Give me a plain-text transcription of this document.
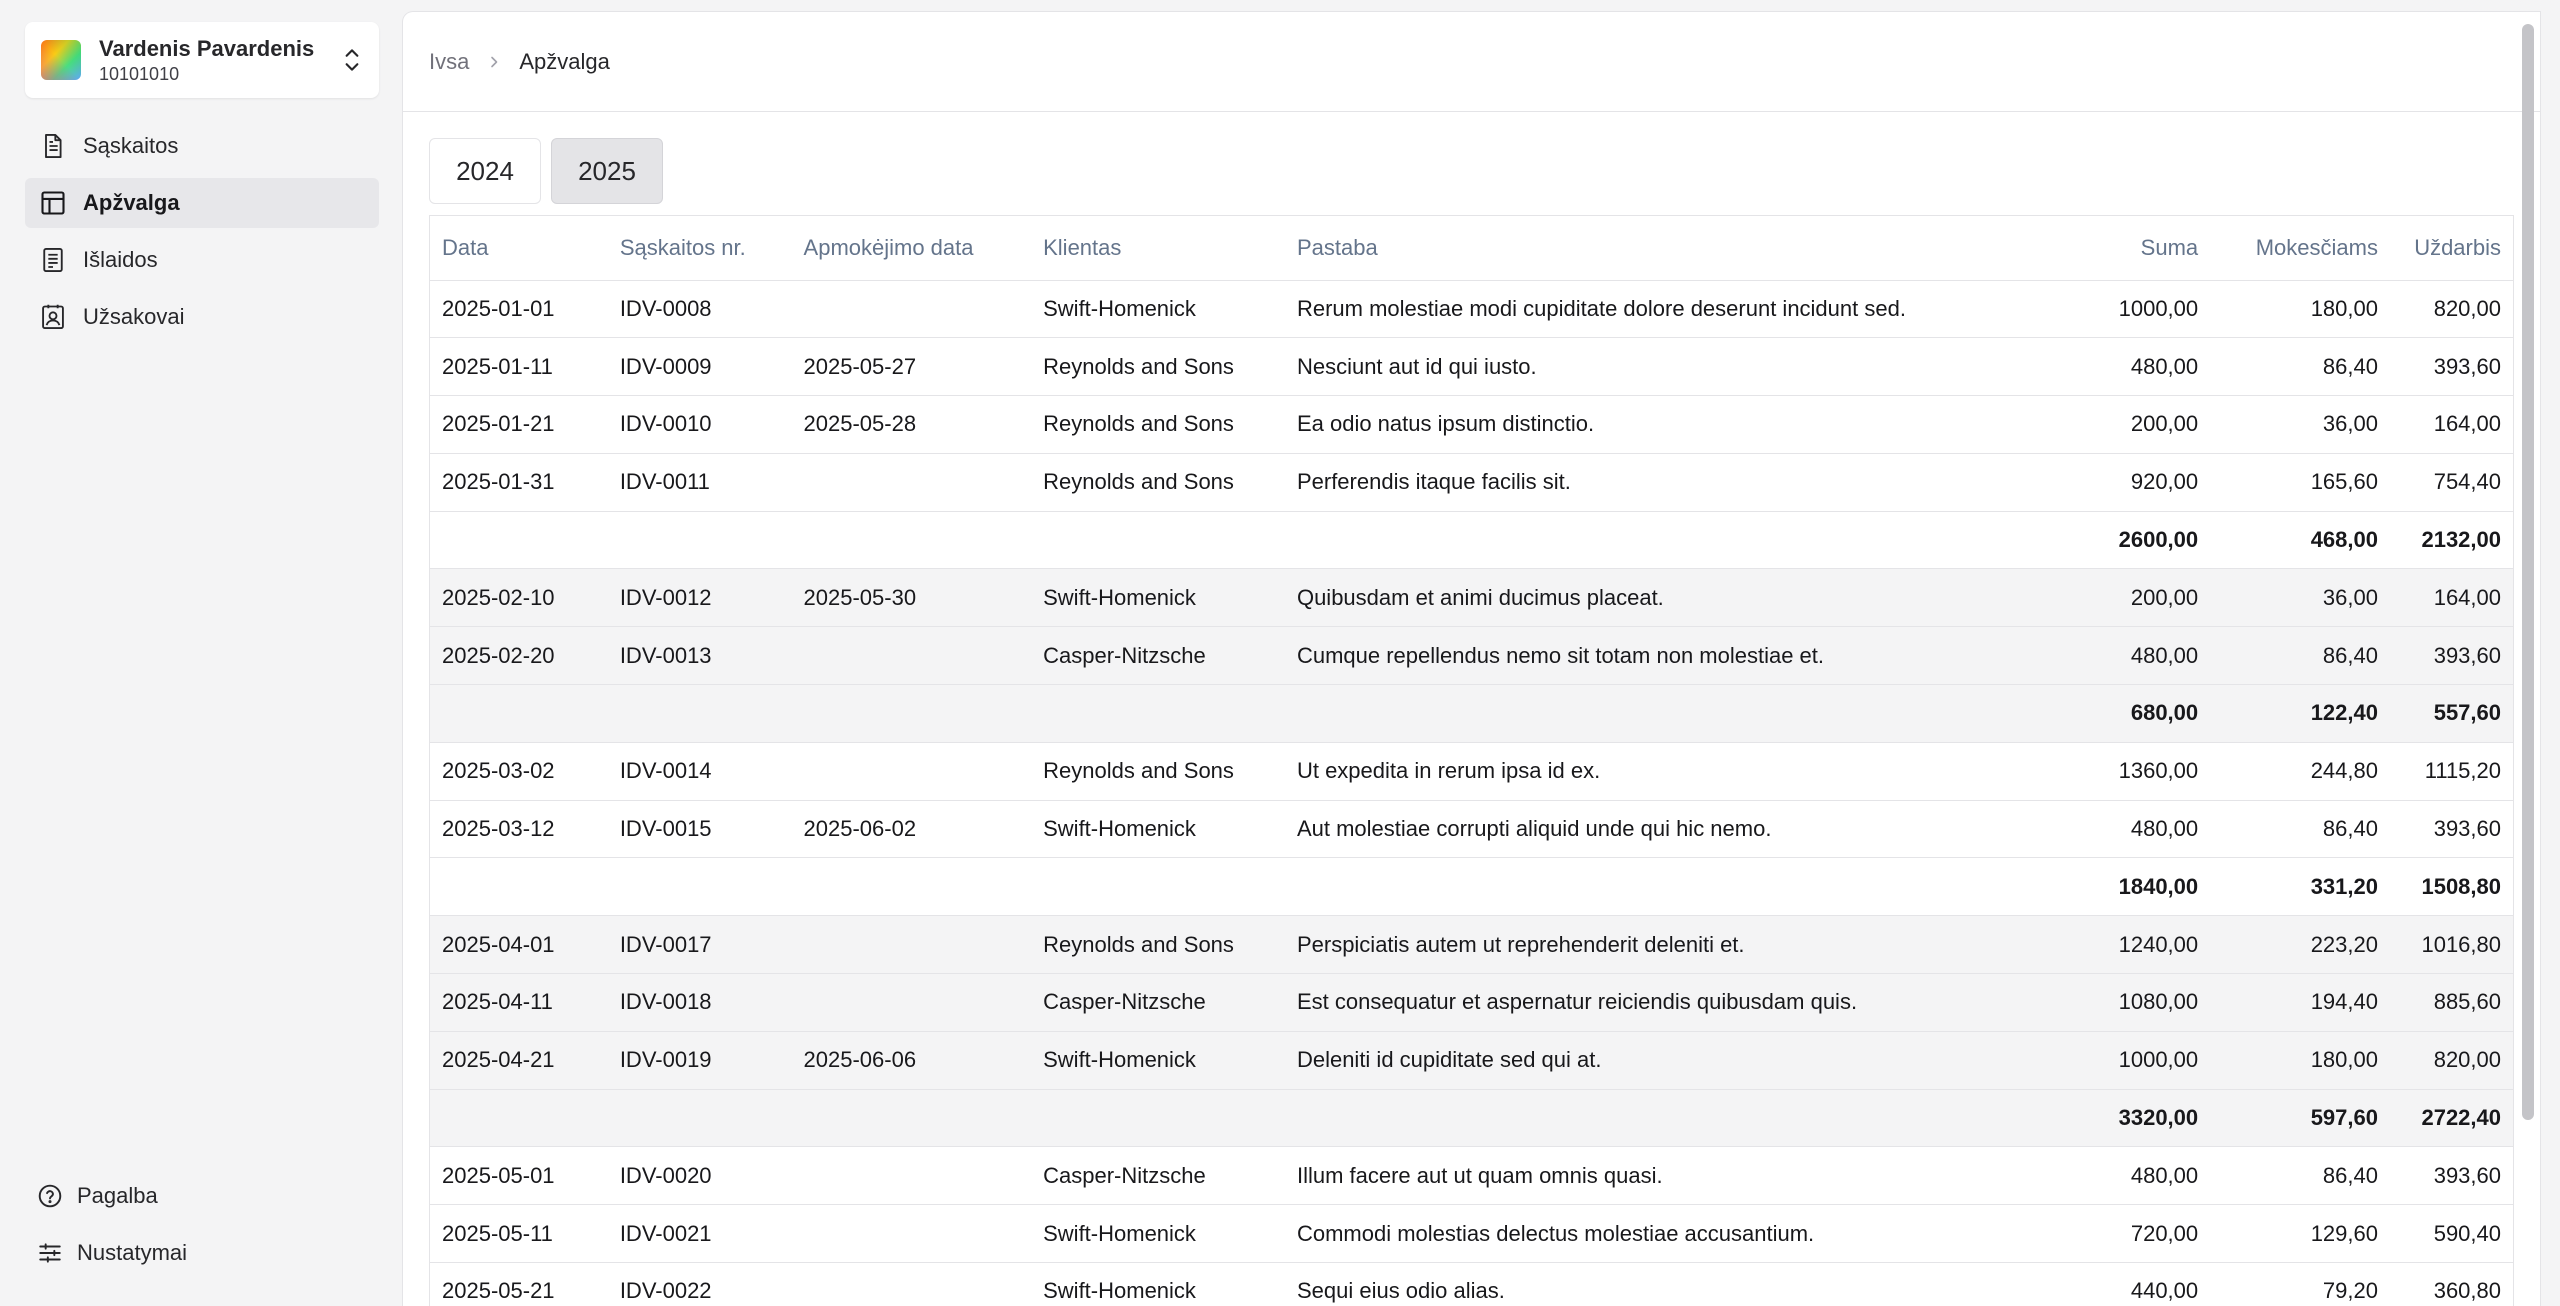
Vardenis Pavardenis
10101010
Sąskaitos
Apžvalga
Išlaidos
Užsakovai
Pagalba
Nustatymai
Ivsa Apžvalga
2024	2025
Data	Sąskaitos nr.	Apmokėjimo data	Klientas	Pastaba	Suma	Mokesčiams	Uždarbis
2025-01-01	IDV-0008		Swift-Homenick	Rerum molestiae modi cupiditate dolore deserunt incidunt sed.	1000,00	180,00	820,00
2025-01-11	IDV-0009	2025-05-27	Reynolds and Sons	Nesciunt aut id qui iusto.	480,00	86,40	393,60
2025-01-21	IDV-0010	2025-05-28	Reynolds and Sons	Ea odio natus ipsum distinctio.	200,00	36,00	164,00
2025-01-31	IDV-0011		Reynolds and Sons	Perferendis itaque facilis sit.	920,00	165,60	754,40
					2600,00	468,00	2132,00
2025-02-10	IDV-0012	2025-05-30	Swift-Homenick	Quibusdam et animi ducimus placeat.	200,00	36,00	164,00
2025-02-20	IDV-0013		Casper-Nitzsche	Cumque repellendus nemo sit totam non molestiae et.	480,00	86,40	393,60
					680,00	122,40	557,60
2025-03-02	IDV-0014		Reynolds and Sons	Ut expedita in rerum ipsa id ex.	1360,00	244,80	1115,20
2025-03-12	IDV-0015	2025-06-02	Swift-Homenick	Aut molestiae corrupti aliquid unde qui hic nemo.	480,00	86,40	393,60
					1840,00	331,20	1508,80
2025-04-01	IDV-0017		Reynolds and Sons	Perspiciatis autem ut reprehenderit deleniti et.	1240,00	223,20	1016,80
2025-04-11	IDV-0018		Casper-Nitzsche	Est consequatur et aspernatur reiciendis quibusdam quis.	1080,00	194,40	885,60
2025-04-21	IDV-0019	2025-06-06	Swift-Homenick	Deleniti id cupiditate sed qui at.	1000,00	180,00	820,00
					3320,00	597,60	2722,40
2025-05-01	IDV-0020		Casper-Nitzsche	Illum facere aut ut quam omnis quasi.	480,00	86,40	393,60
2025-05-11	IDV-0021		Swift-Homenick	Commodi molestias delectus molestiae accusantium.	720,00	129,60	590,40
2025-05-21	IDV-0022		Swift-Homenick	Sequi eius odio alias.	440,00	79,20	360,80
